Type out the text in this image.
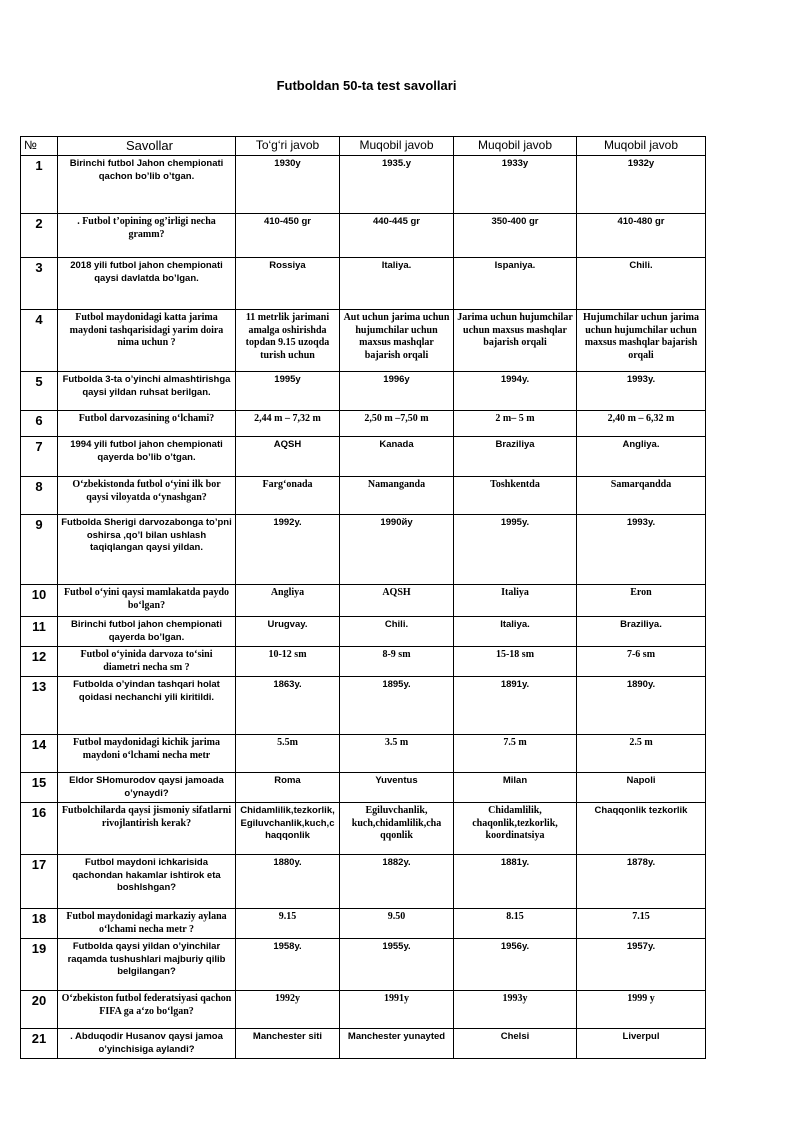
Futboldan 50-ta test savollari
№	Savollar	To‘g‘ri javob	Muqobil javob	Muqobil javob	Muqobil javob
1	Birinchi futbol Jahon chempionati qachon bo’lib o’tgan.	1930y	1935.y	1933y	1932y
2	. Futbol t’opining og’irligi necha gramm?	410-450 gr	440-445 gr	350-400 gr	410-480 gr
3	2018 yili futbol jahon chempionati qaysi davlatda bo’lgan.	Rossiya	Italiya.	Ispaniya.	Chili.
4	Futbol maydonidagi katta jarima maydoni tashqarisidagi yarim doira nima uchun ?	11 metrlik jarimani amalga oshirishda topdan 9.15 uzoqda turish uchun	Aut uchun jarima uchun hujumchilar uchun maxsus mashqlar bajarish orqali	Jarima uchun hujumchilar uchun maxsus mashqlar bajarish orqali	Hujumchilar uchun jarima uchun hujumchilar uchun maxsus mashqlar bajarish orqali
5	Futbolda 3-ta o’yinchi almashtirishga qaysi yildan ruhsat berilgan.	1995y	1996y	1994y.	1993y.
6	Futbol darvozasining o‘lchami?	2,44 m – 7,32 m	2,50 m –7,50 m	2 m– 5 m	2,40 m – 6,32 m
7	1994 yili futbol jahon chempionati qayerda bo’lib o’tgan.	AQSH	Kanada	Braziliya	Angliya.
8	O‘zbekistonda futbol o‘yini ilk bor qaysi viloyatda o‘ynashgan?	Farg‘onada	Namanganda	Toshkentda	Samarqandda
9	Futbolda Sherigi darvozabonga to’pni oshirsa ,qo’l bilan ushlash taqiqlangan qaysi yildan.	1992y.	1990йу	1995y.	1993y.
10	Futbol o‘yini qaysi mamlakatda paydo bo‘lgan?	Angliya	AQSH	Italiya	Eron
11	Birinchi futbol jahon chempionati qayerda bo’lgan.	Urugvay.	Chili.	Italiya.	Braziliya.
12	Futbol o‘yinida darvoza to‘sini diametri necha sm ?	10-12 sm	8-9 sm	15-18 sm	7-6 sm
13	Futbolda o’yindan tashqari holat qoidasi nechanchi yili kiritildi.	1863y.	1895y.	1891y.	1890y.
14	Futbol maydonidagi kichik jarima maydoni o‘lchami necha metr	5.5m	3.5 m	7.5 m	2.5 m
15	Eldor SHomurodov qaysi jamoada o’ynaydi?	Roma	Yuventus	Milan	Napoli
16	Futbolchilarda qaysi jismoniy sifatlarni rivojlantirish kerak?	Chidamlilik,tezkorlik, Egiluvchanlik,kuch,c haqqonlik	Egiluvchanlik, kuch,chidamlilik,cha qqonlik	Chidamlilik, chaqonlik,tezkorlik, koordinatsiya	Chaqqonlik tezkorlik
17	Futbol maydoni ichkarisida qachondan hakamlar ishtirok eta boshlshgan?	1880y.	1882y.	1881y.	1878y.
18	Futbol maydonidagi markaziy aylana o‘lchami necha metr ?	9.15	9.50	8.15	7.15
19	Futbolda qaysi yildan o’yinchilar raqamda tushushlari majburiy qilib belgilangan?	1958y.	1955y.	1956y.	1957y.
20	O‘zbekiston futbol federatsiyasi qachon FIFA ga a‘zo bo‘lgan?	1992y	1991y	1993y	1999 y
21	. Abduqodir Husanov qaysi jamoa o’yinchisiga aylandi?	Manchester siti	Manchester yunayted	Chelsi	Liverpul
